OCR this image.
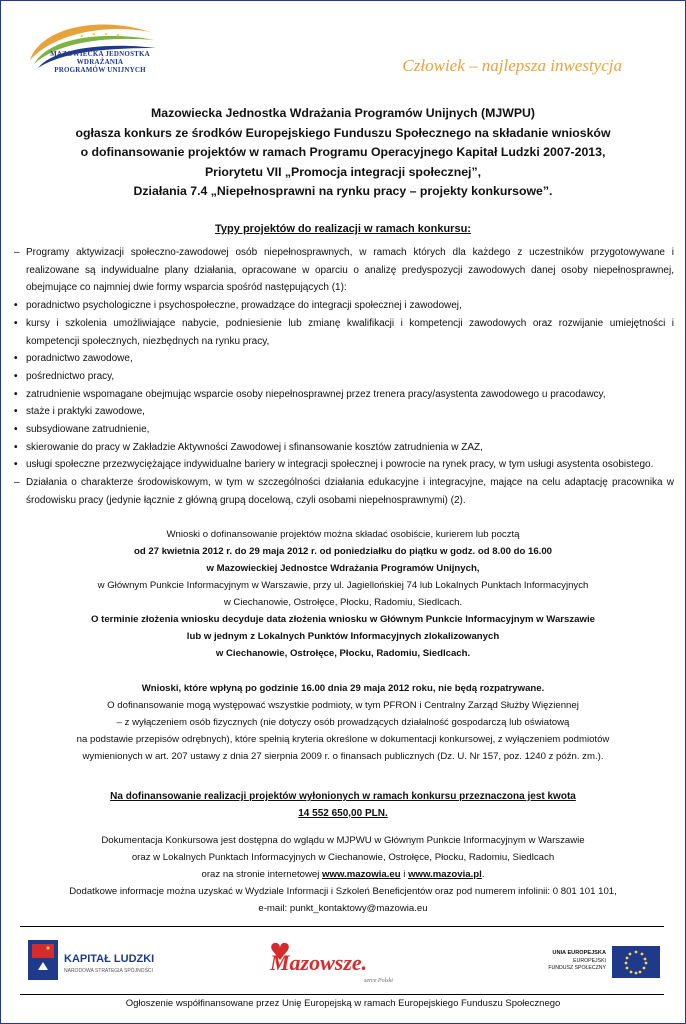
MAZOWIECKA JEDNOSTKA
WDRAŻANIA
PROGRAMÓW UNIJNYCH	Człowiek – najlepsza inwestycja
Mazowiecka Jednostka Wdrażania Programów Unijnych (MJWPU)
ogłasza konkurs ze środków Europejskiego Funduszu Społecznego na składanie wniosków
o dofinansowanie projektów w ramach Programu Operacyjnego Kapitał Ludzki 2007-2013,
Priorytetu VII „Promocja integracji społecznej”,
Działania 7.4 „Niepełnosprawni na rynku pracy – projekty konkursowe”.
Typy projektów do realizacji w ramach konkursu:
– Programy aktywizacji społeczno-zawodowej osób niepełnosprawnych, w ramach których dla każdego z uczestników przygotowywane i realizowane są indywidualne plany działania, opracowane w oparciu o analizę predyspozycji zawodowych danej osoby niepełnosprawnej, obejmujące co najmniej dwie formy wsparcia spośród następujących (1):
• poradnictwo psychologiczne i psychospołeczne, prowadzące do integracji społecznej i zawodowej,
• kursy i szkolenia umożliwiające nabycie, podniesienie lub zmianę kwalifikacji i kompetencji zawodowych oraz rozwijanie umiejętności i kompetencji społecznych, niezbędnych na rynku pracy,
• poradnictwo zawodowe,
• pośrednictwo pracy,
• zatrudnienie wspomagane obejmując wsparcie osoby niepełnosprawnej przez trenera pracy/asystenta zawodowego u pracodawcy,
• staże i praktyki zawodowe,
• subsydiowane zatrudnienie,
• skierowanie do pracy w Zakładzie Aktywności Zawodowej i sfinansowanie kosztów zatrudnienia w ZAZ,
• usługi społeczne przezwyciężające indywidualne bariery w integracji społecznej i powrocie na rynek pracy, w tym usługi asystenta osobistego.
– Działania o charakterze środowiskowym, w tym w szczególności działania edukacyjne i integracyjne, mające na celu adaptację pracownika w środowisku pracy (jedynie łącznie z główną grupą docelową, czyli osobami niepełnosprawnymi) (2).
Wnioski o dofinansowanie projektów można składać osobiście, kurierem lub pocztą
od 27 kwietnia 2012 r. do 29 maja 2012 r. od poniedziałku do piątku w godz. od 8.00 do 16.00
w Mazowieckiej Jednostce Wdrażania Programów Unijnych,
w Głównym Punkcie Informacyjnym w Warszawie, przy ul. Jagiellońskiej 74 lub Lokalnych Punktach Informacyjnych
w Ciechanowie, Ostrołęce, Płocku, Radomiu, Siedlcach.
O terminie złożenia wniosku decyduje data złożenia wniosku w Głównym Punkcie Informacyjnym w Warszawie
lub w jednym z Lokalnych Punktów Informacyjnych zlokalizowanych
w Ciechanowie, Ostrołęce, Płocku, Radomiu, Siedlcach.
Wnioski, które wpłyną po godzinie 16.00 dnia 29 maja 2012 roku, nie będą rozpatrywane.
O dofinansowanie mogą występować wszystkie podmioty, w tym PFRON i Centralny Zarząd Służby Więziennej
– z wyłączeniem osób fizycznych (nie dotyczy osób prowadzących działalność gospodarczą lub oświatową
na podstawie przepisów odrębnych), które spełnią kryteria określone w dokumentacji konkursowej, z wyłączeniem podmiotów
wymienionych w art. 207 ustawy z dnia 27 sierpnia 2009 r. o finansach publicznych (Dz. U. Nr 157, poz. 1240 z późn. zm.).
Na dofinansowanie realizacji projektów wyłonionych w ramach konkursu przeznaczona jest kwota
14 552 650,00 PLN.
Dokumentacja Konkursowa jest dostępna do wglądu w MJPWU w Głównym Punkcie Informacyjnym w Warszawie
oraz w Lokalnych Punktach Informacyjnych w Ciechanowie, Ostrołęce, Płocku, Radomiu, Siedlcach
oraz na stronie internetowej www.mazowia.eu i www.mazovia.pl.
Dodatkowe informacje można uzyskać w Wydziale Informacji i Szkoleń Beneficjentów oraz pod numerem infolinii: 0 801 101 101,
e-mail: punkt_kontaktowy@mazowia.eu
KAPITAŁ LUDZKI
NARODOWA STRATEGIA SPÓJNOŚCI	Mazowsze.
serce Polski
UNIA EUROPEJSKA
EUROPEJSKI
FUNDUSZ SPOŁECZNY
Ogłoszenie współfinansowane przez Unię Europejską w ramach Europejskiego Funduszu Społecznego
